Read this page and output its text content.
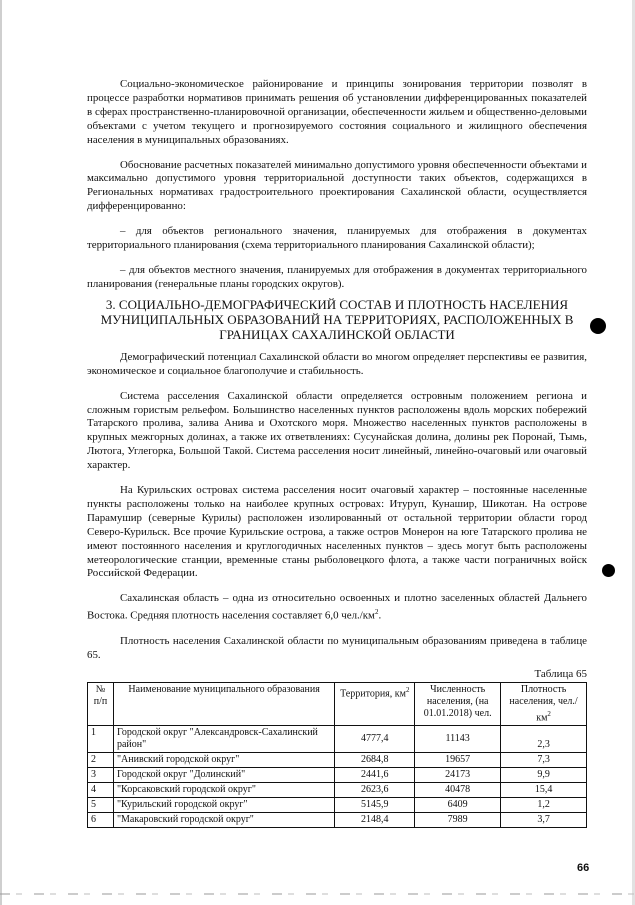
Социально-экономическое районирование и принципы зонирования территории позволят в процессе разработки нормативов принимать решения об установлении дифференцированных показателей в сферах пространственно-планировочной организации, обеспеченности жильем и общественно-деловыми объектами с учетом текущего и прогнозируемого состояния социального и жилищного обеспечения населения в муниципальных образованиях.

Обоснование расчетных показателей минимально допустимого уровня обеспеченности объектами и максимально допустимого уровня территориальной доступности таких объектов, содержащихся в Региональных нормативах градостроительного проектирования Сахалинской области, осуществляется дифференцированно:

– для объектов регионального значения, планируемых для отображения в документах территориального планирования (схема территориального планирования Сахалинской области);

– для объектов местного значения, планируемых для отображения в документах территориального планирования (генеральные планы городских округов).

3. СОЦИАЛЬНО-ДЕМОГРАФИЧЕСКИЙ СОСТАВ И ПЛОТНОСТЬ НАСЕЛЕНИЯ МУНИЦИПАЛЬНЫХ ОБРАЗОВАНИЙ НА ТЕРРИТОРИЯХ, РАСПОЛОЖЕННЫХ В ГРАНИЦАХ САХАЛИНСКОЙ ОБЛАСТИ

Демографический потенциал Сахалинской области во многом определяет перспективы ее развития, экономическое и социальное благополучие и стабильность.

Система расселения Сахалинской области определяется островным положением региона и сложным гористым рельефом. Большинство населенных пунктов расположены вдоль морских побережий Татарского пролива, залива Анива и Охотского моря. Множество населенных пунктов расположены в крупных межгорных долинах, а также их ответвлениях: Сусунайская долина, долины рек Поронай, Тымь, Лютога, Углегорка, Большой Такой. Система расселения носит линейный, линейно-очаговый или очаговый характер.

На Курильских островах система расселения носит очаговый характер – постоянные населенные пункты расположены только на наиболее крупных островах: Итуруп, Кунашир, Шикотан. На острове Парамушир (северные Курилы) расположен изолированный от остальной территории области город Северо-Курильск. Все прочие Курильские острова, а также остров Монерон на юге Татарского пролива не имеют постоянного населения и круглогодичных населенных пунктов – здесь могут быть расположены метеорологические станции, временные станы рыболовецкого флота, а также части пограничных войск Российской Федерации.

Сахалинская область – одна из относительно освоенных и плотно заселенных областей Дальнего Востока. Средняя плотность населения составляет 6,0 $чел./км^2$.

Плотность населения Сахалинской области по муниципальным образованиям приведена в таблице 65.

Таблица 65
№ п/п	Наименование муниципального образования	Территория, $км^2$	Численность населения, (на 01.01.2018) чел.	Плотность населения, $чел./км^2$
1	Городской округ "Александровск-Сахалинский район"	4777,4	11143	2,3
2	"Анивский городской округ"	2684,8	19657	7,3
3	Городской округ "Долинский"	2441,6	24173	9,9
4	"Корсаковский городской округ"	2623,6	40478	15,4
5	"Курильский городской округ"	5145,9	6409	1,2
6	"Макаровский городской округ"	2148,4	7989	3,7
66
